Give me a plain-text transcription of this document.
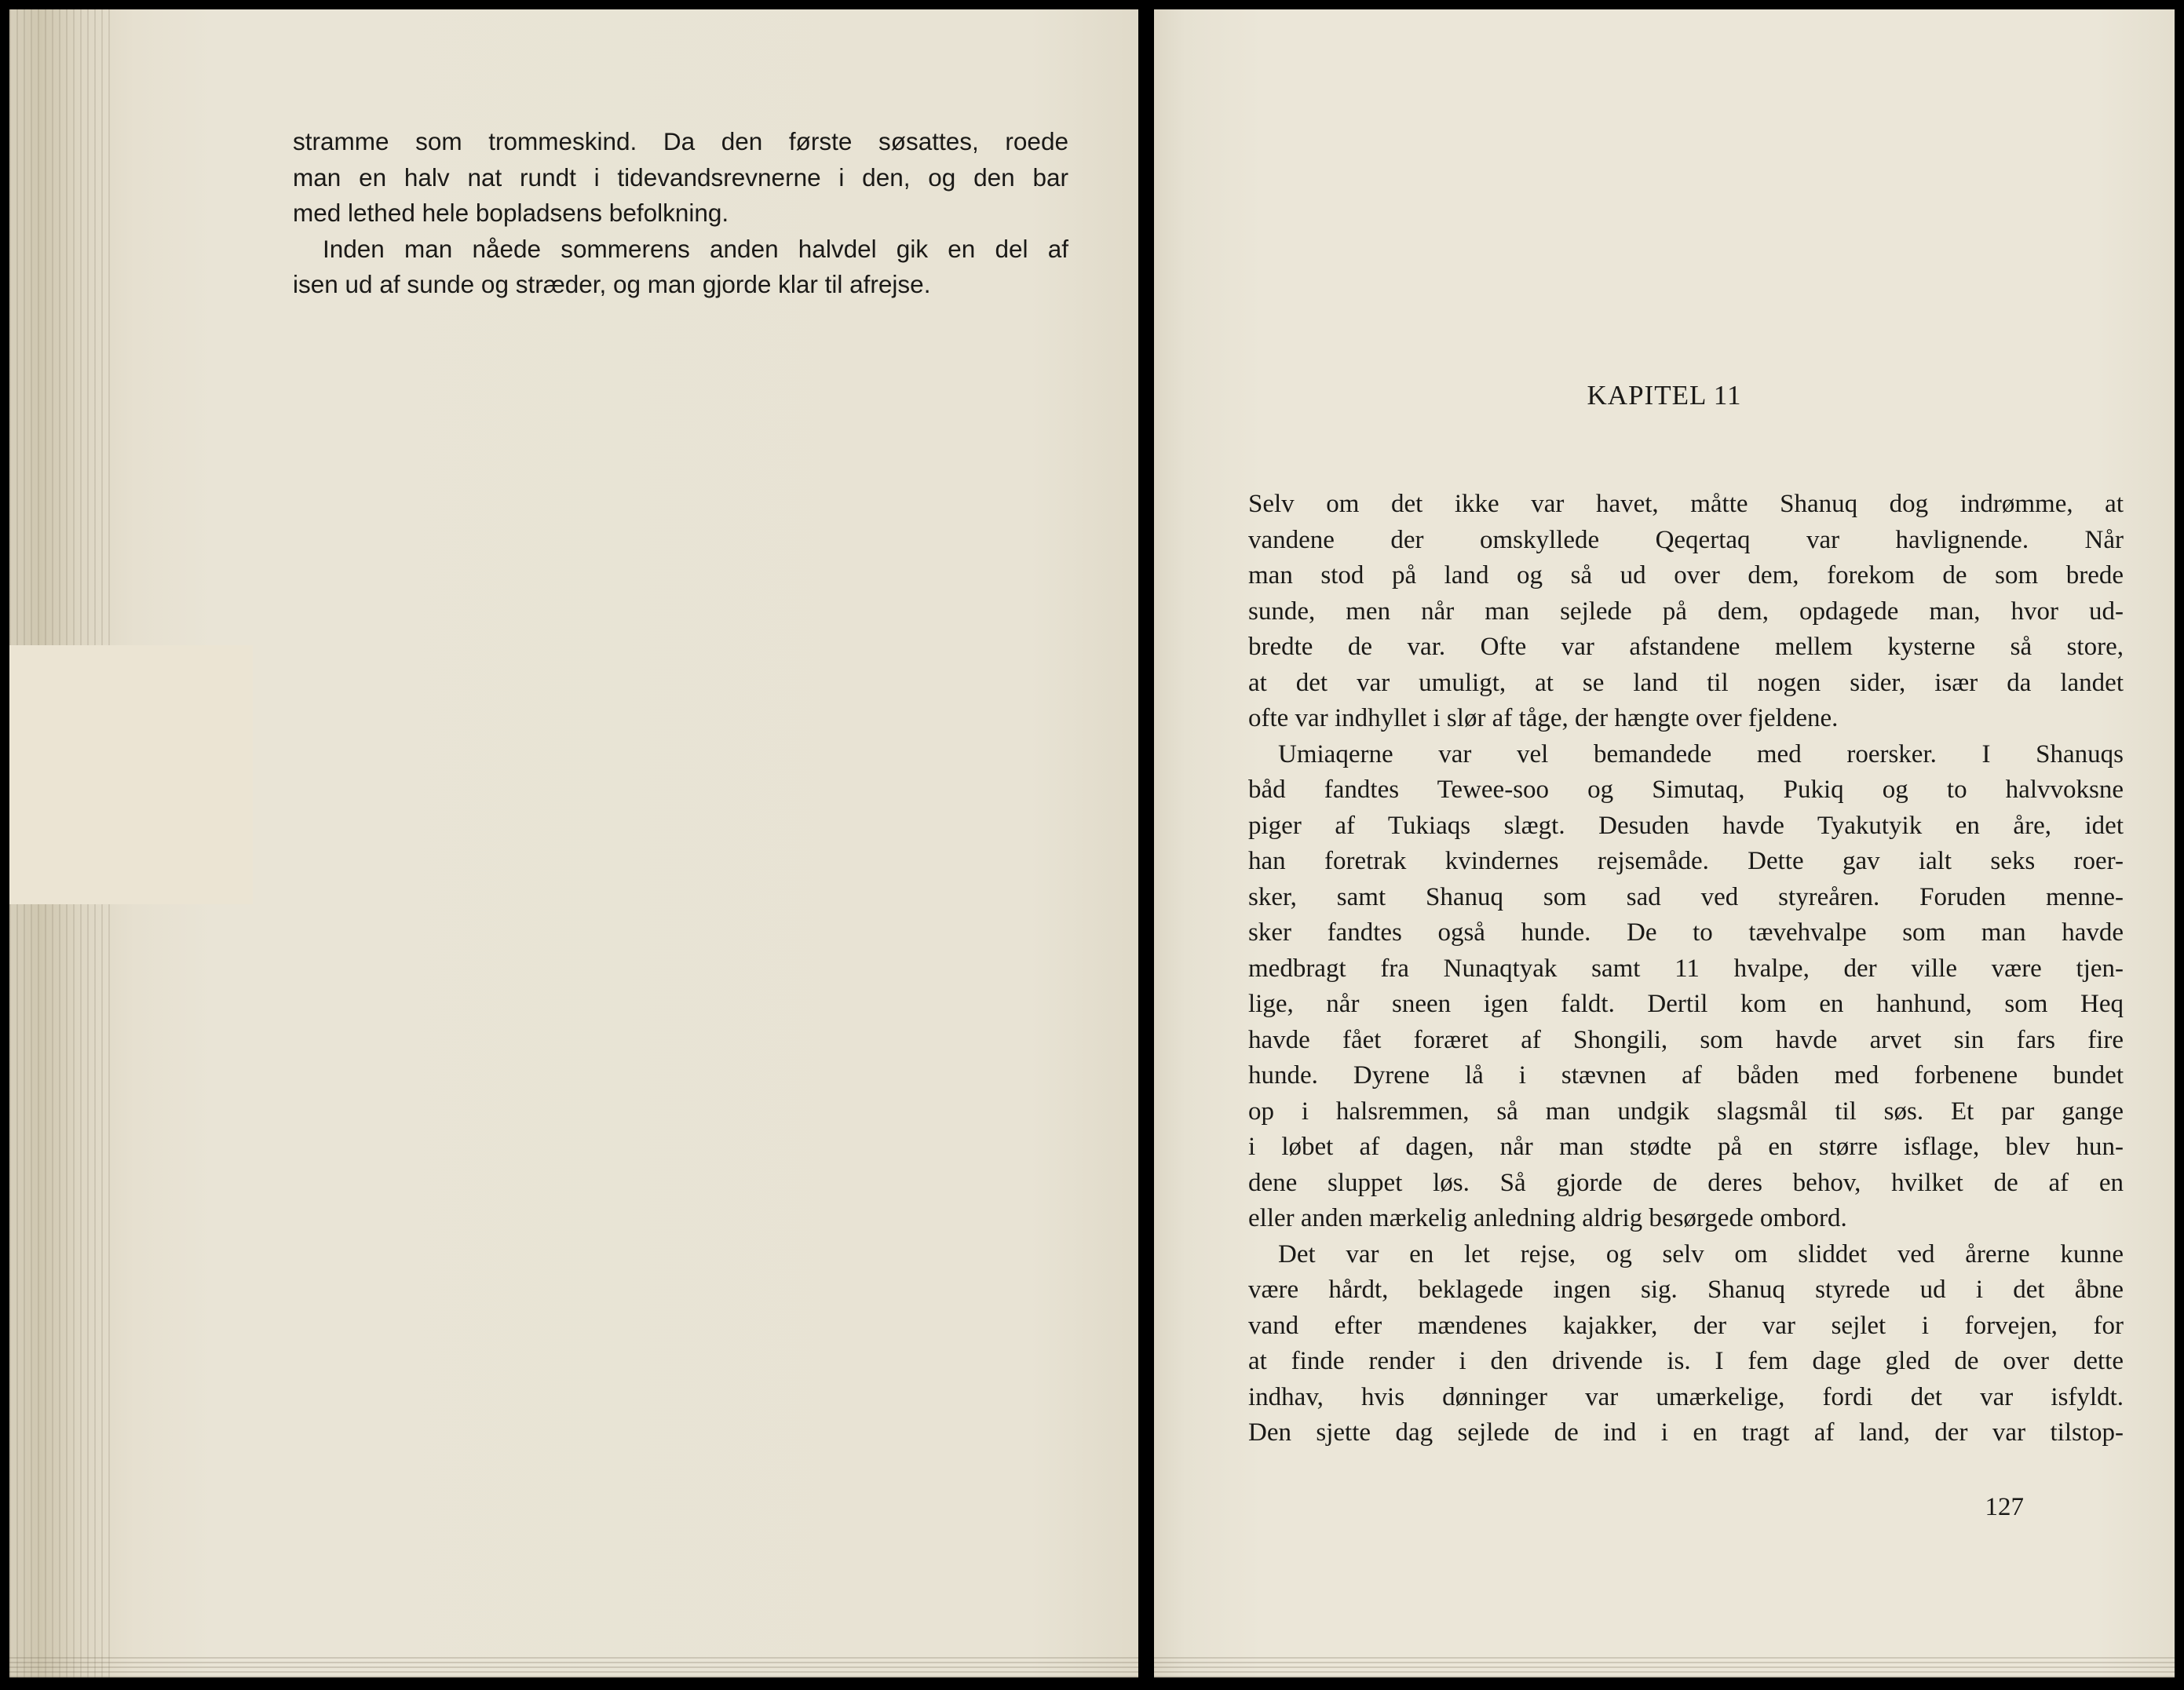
stramme som trommeskind. Da den første søsattes, roede
man en halv nat rundt i tidevandsrevnerne i den, og den bar
med lethed hele bopladsens befolkning.

Inden man nåede sommerens anden halvdel gik en del af
isen ud af sunde og stræder, og man gjorde klar til afrejse.

KAPITEL 11

Selv om det ikke var havet, måtte Shanuq dog indrømme, at
vandene der omskyllede Qeqertaq var havlignende. Når
man stod på land og så ud over dem, forekom de som brede
sunde, men når man sejlede på dem, opdagede man, hvor ud-
bredte de var. Ofte var afstandene mellem kysterne så store,
at det var umuligt, at se land til nogen sider, især da landet
ofte var indhyllet i slør af tåge, der hængte over fjeldene.

Umiaqerne var vel bemandede med roersker. I Shanuqs
båd fandtes Tewee-soo og Simutaq, Pukiq og to halvvoksne
piger af Tukiaqs slægt. Desuden havde Tyakutyik en åre, idet
han foretrak kvindernes rejsemåde. Dette gav ialt seks roer-
sker, samt Shanuq som sad ved styreåren. Foruden menne-
sker fandtes også hunde. De to tævehvalpe som man havde
medbragt fra Nunaqtyak samt 11 hvalpe, der ville være tjen-
lige, når sneen igen faldt. Dertil kom en hanhund, som Heq
havde fået foræret af Shongili, som havde arvet sin fars fire
hunde. Dyrene lå i stævnen af båden med forbenene bundet
op i halsremmen, så man undgik slagsmål til søs. Et par gange
i løbet af dagen, når man stødte på en større isflage, blev hun-
dene sluppet løs. Så gjorde de deres behov, hvilket de af en
eller anden mærkelig anledning aldrig besørgede ombord.

Det var en let rejse, og selv om sliddet ved årerne kunne
være hårdt, beklagede ingen sig. Shanuq styrede ud i det åbne
vand efter mændenes kajakker, der var sejlet i forvejen, for
at finde render i den drivende is. I fem dage gled de over dette
indhav, hvis dønninger var umærkelige, fordi det var isfyldt.
Den sjette dag sejlede de ind i en tragt af land, der var tilstop-

127
